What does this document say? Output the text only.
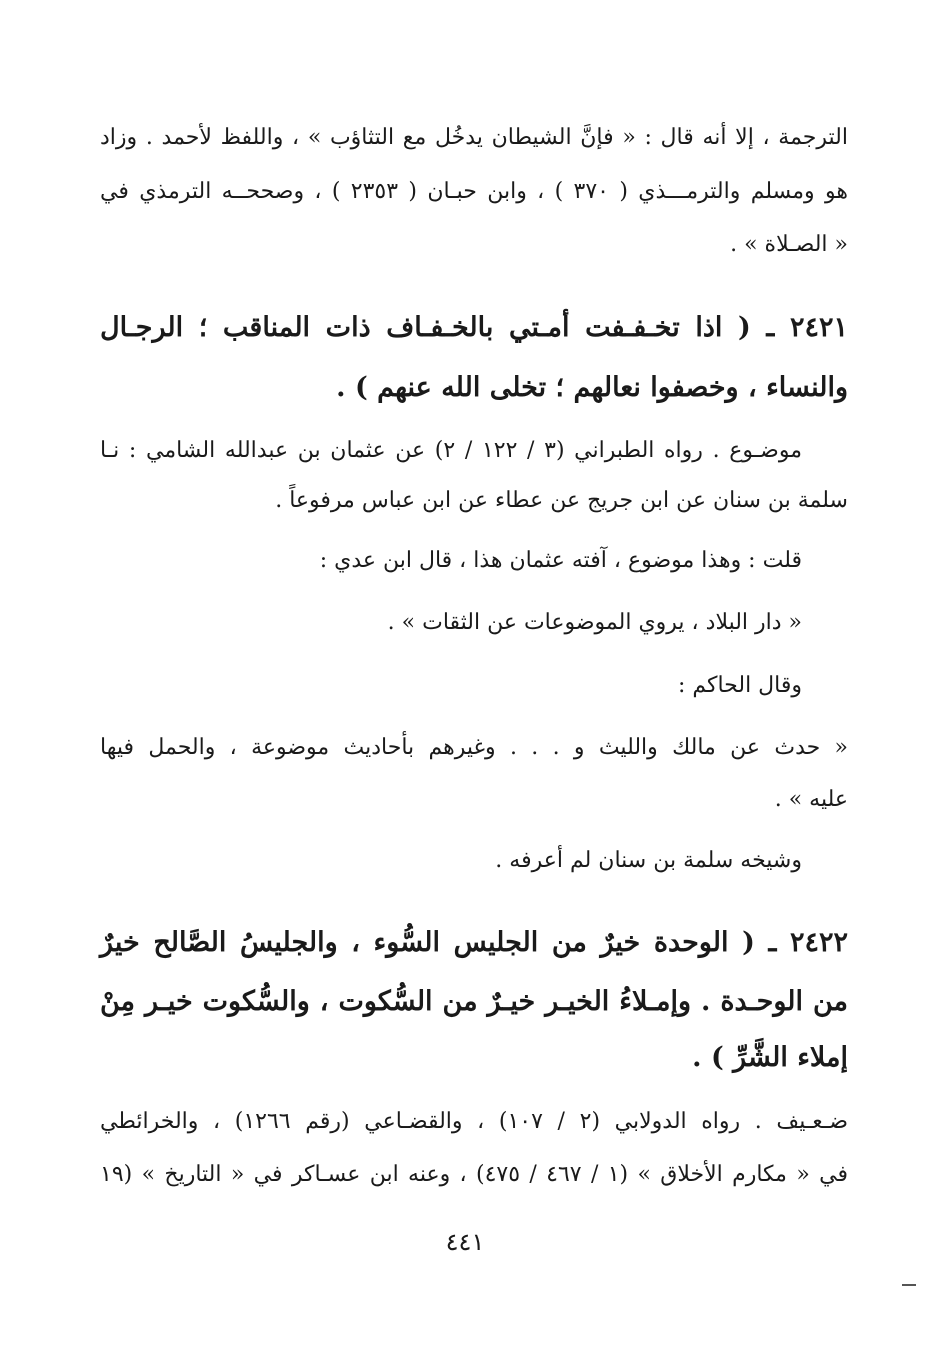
الترجمة ، إلا أنه قال : « فإنَّ الشيطان يدخُل مع التثاؤب » ، واللفظ لأحمد . وزاد
هو ومسلم والترمـــذي ( ٣٧٠ ) ، وابن حبـان ( ٢٣٥٣ ) ، وصححــه الترمذي في
« الصـلاة » .
٢٤٢١ ـ ( اذا تخـفـفت أمـتي بالخـفـاف ذات المناقب ؛ الرجـال
والنساء ، وخصفوا نعالهم ؛ تخلى الله عنهم ) .
موضـوع . رواه الطبراني (٣ / ١٢٢ / ٢) عن عثمان بن عبدالله الشامي : نـا
سلمة بن سنان عن ابن جريج عن عطاء عن ابن عباس مرفوعاً .
قلت : وهذا موضوع ، آفته عثمان هذا ، قال ابن عدي :
« دار البلاد ، يروي الموضوعات عن الثقات » .
وقال الحاكم :
« حدث عن مالك والليث و . . . وغيرهم بأحاديث موضوعة ، والحمل فيها
عليه » .
وشيخه سلمة بن سنان لم أعرفه .
٢٤٢٢ ـ ( الوحدة خيرٌ من الجليس السُّوء ، والجليسُ الصَّالح خيرٌ
من الوحـدة . وإمـلاءُ الخيـر خيـرٌ من السُّكوت ، والسُّكوت خيـر مِنْ
إملاء الشَّرِّ ) .
ضـعـيف . رواه الدولابي (٢ / ١٠٧) ، والقضـاعي (رقم ١٢٦٦) ، والخرائطي
في « مكارم الأخلاق » (١ / ٤٦٧ / ٤٧٥) ، وعنه ابن عسـاكر في « التاريخ » (١٩
٤٤١
